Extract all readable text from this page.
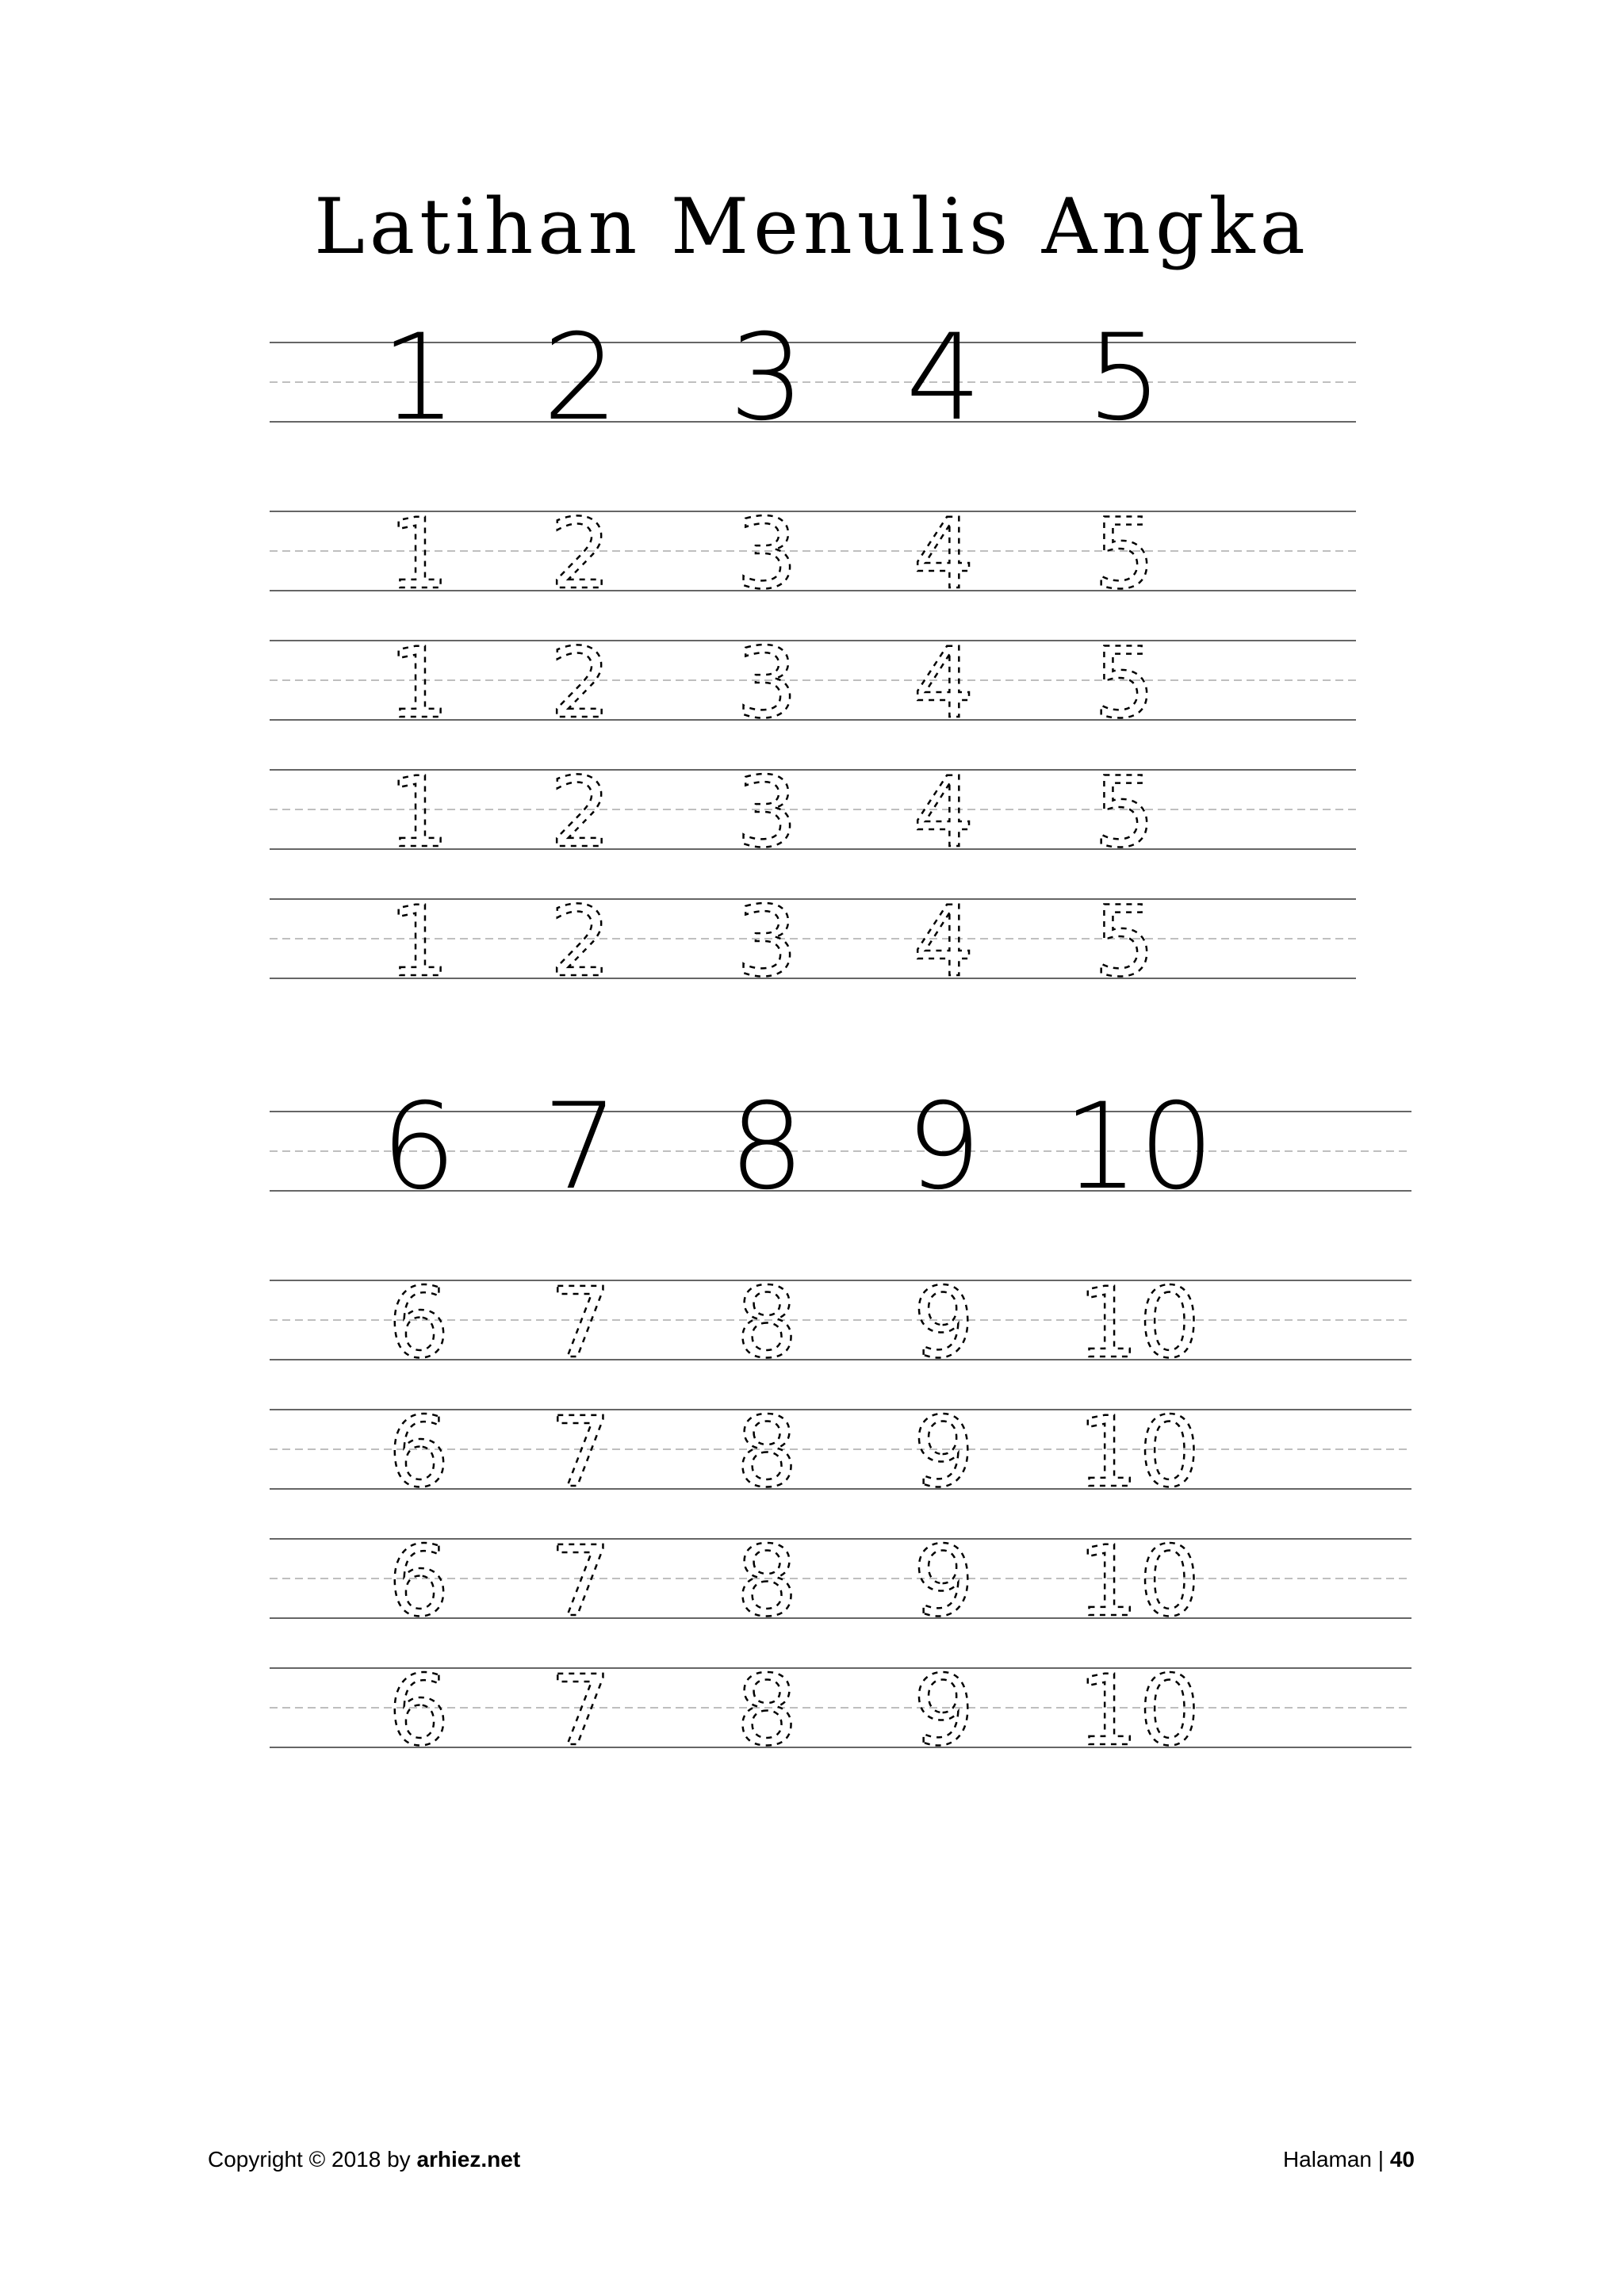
Latihan Menulis Angka
1 2 3 4 5
1 2 3 4 5
1 2 3 4 5
1 2 3 4 5
1 2 3 4 5
6 7 8 9 10
6 7 8 9 10
6 7 8 9 10
6 7 8 9 10
6 7 8 9 10
Copyright © 2018 by arhiez.net	Halaman | 40
